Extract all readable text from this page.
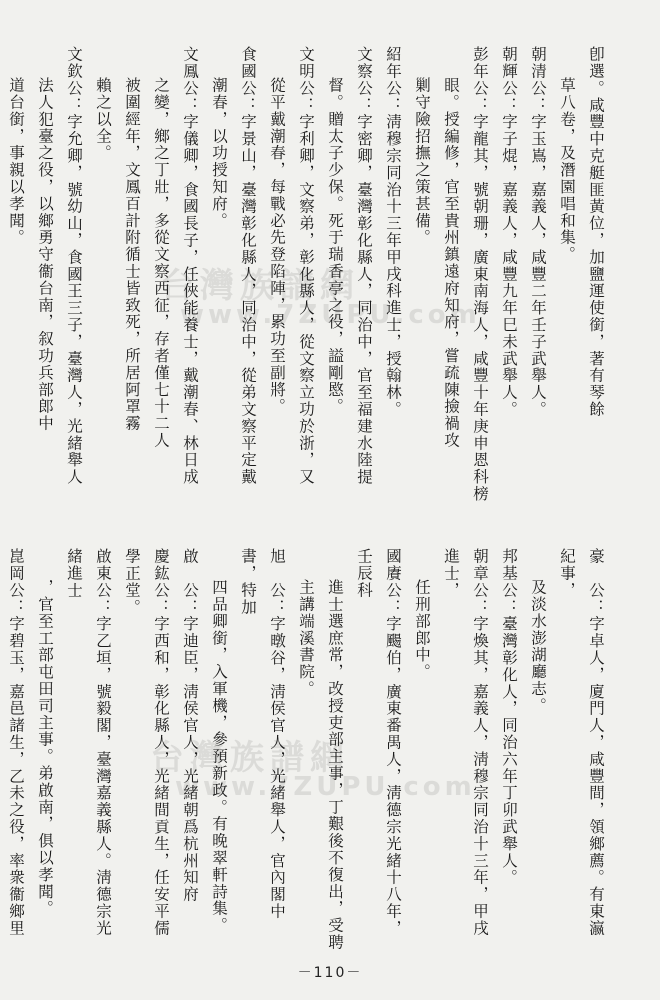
台灣族譜網
www.7ZUPU.com
台灣族譜網
www.7ZUPU.com
卽選。咸豐中克艇匪黃位，加鹽運使銜，著有琴餘
草八卷，及潛園唱和集。
朝清公：字玉嶌，嘉義人，咸豐二年壬子武舉人。
朝輝公：字子焜，嘉義人，咸豐九年巳未武舉人。
彭年公：字龍其，號朝珊，廣東南海人，咸豐十年庚申恩科榜
眼。授編修，官至貴州鎮遠府知府，嘗疏陳撿禍攻
剿守險招撫之策甚備。
紹年公：淸穆宗同治十三年甲戌科進士，授翰林。
文察公：字密卿，臺灣彰化縣人，同治中，官至福建水陸提
督。贈太子少保。死于瑞香亭之役，謚剛愍。
文明公：字利卿，文察弟，彰化縣人，從文察立功於浙，又
從平戴潮春，每戰必先登陷陣，累功至副將。
食國公：字景山，臺灣彰化縣人，同治中，從弟文察平定戴
潮春，以功授知府。
文鳳公：字儀卿，食國長子，任俠能養士，戴潮春、林日成
之變，鄉之丁壯，多從文察西征，存者僅七十二人
被圍經年，文鳳百計附循士皆致死，所居阿罩霧
賴之以全。
文欽公：字允卿，號幼山，食國王三子，臺灣人，光緒舉人
法人犯臺之役，以鄉勇守衞台南，叙功兵部郎中
道台銜，事親以孝聞。
豪　公：字卓人，廈門人，咸豐間，領鄉薦。有東瀛紀事，
及淡水澎湖廳志。
邦基公：臺灣彰化人，同治六年丁卯武舉人。
朝章公：字煥其，嘉義人，淸穆宗同治十三年，甲戌進士，
任刑部郎中。
國賡公：字颺伯，廣東番禺人，淸德宗光緒十八年，壬辰科
進士選庶常，改授吏部主事，丁艱後不復出，受聘
主講端溪書院。
旭　公：字暾谷，淸侯官人，光緒舉人，官內閣中書，特加
四品卿銜，入軍機，參預新政。有晚翠軒詩集。
啟　公：字迪臣，淸侯官人，光緒朝爲杭州知府
慶鈜公：字西和，彰化縣人，光緒間貢生，任安平儒學正堂。
啟東公：字乙垣，號毅閣，臺灣嘉義縣人。淸德宗光緒進士
，官至工部屯田司主事。弟啟南，俱以孝聞。
崑岡公：字碧玉，嘉邑諸生，乙未之役，率衆衞鄉里
－110－
